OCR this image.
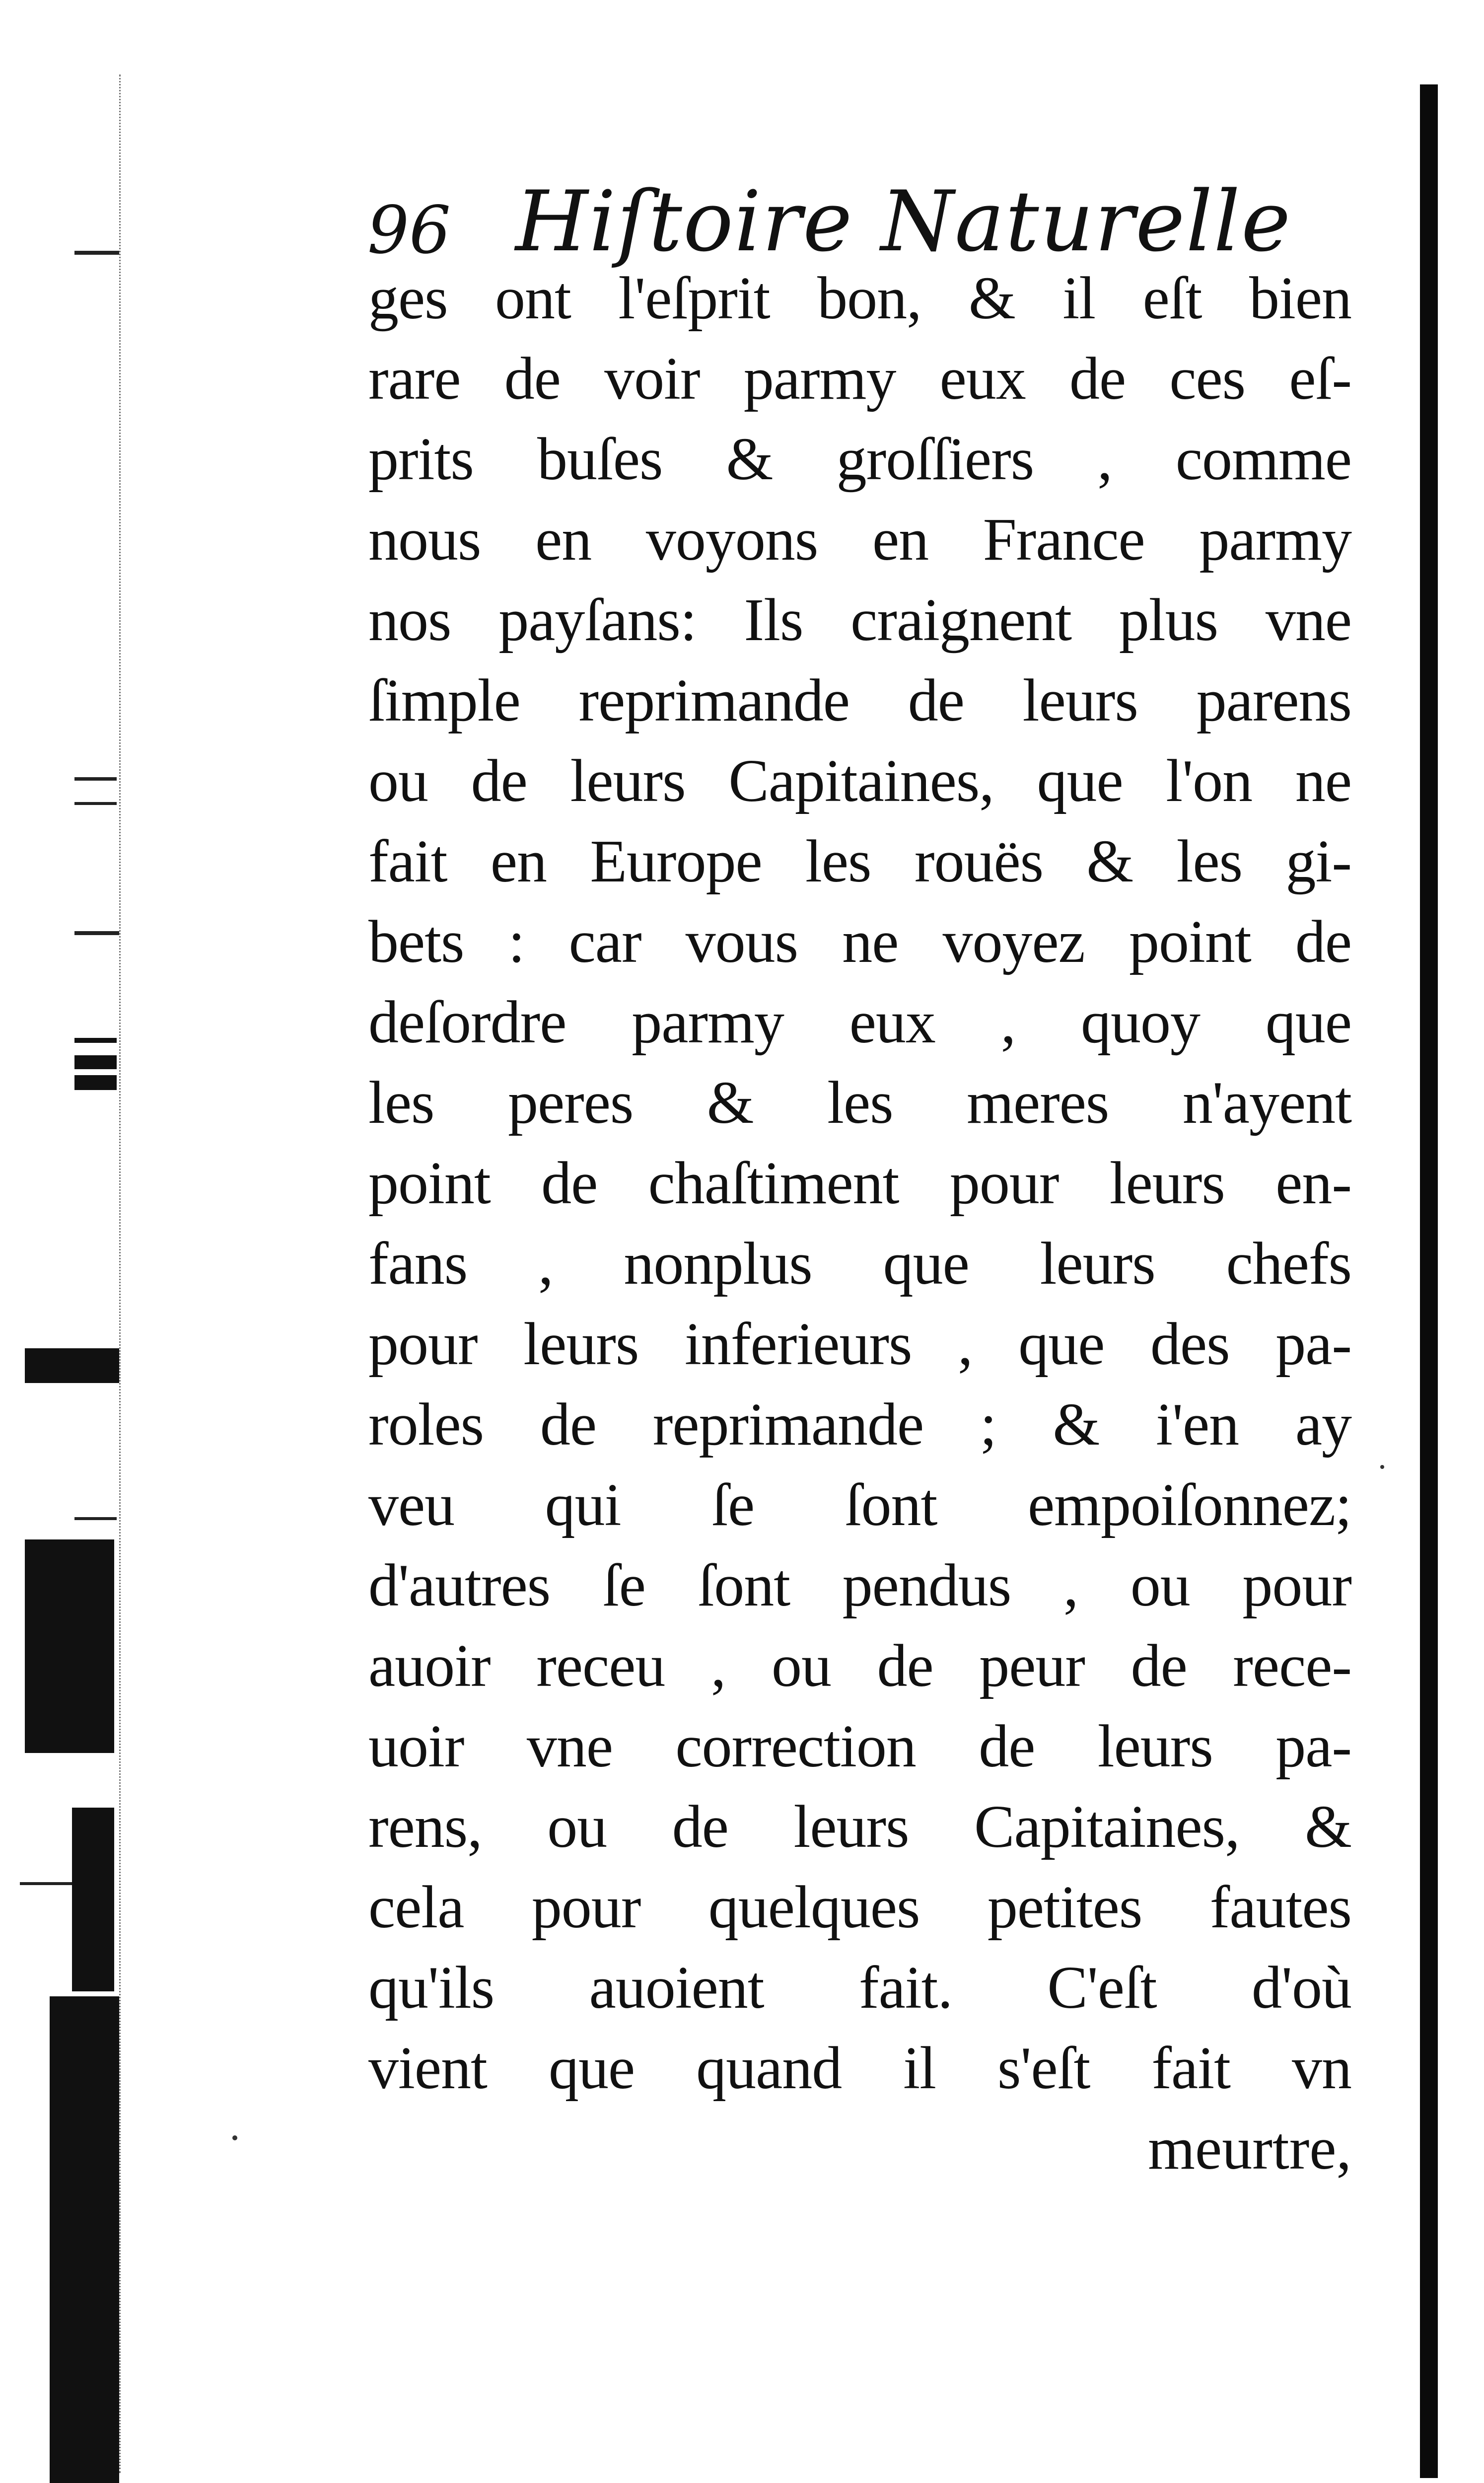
96 Hiſtoire Naturelle
ges ont l'eſprit bon, & il eſt bien
rare de voir parmy eux de ces eſ-
prits buſes & groſſiers , comme
nous en voyons en France parmy
nos payſans: Ils craignent plus vne
ſimple reprimande de leurs parens
ou de leurs Capitaines, que l'on ne
fait en Europe les rouës & les gi-
bets : car vous ne voyez point de
deſordre parmy eux , quoy que
les peres & les meres n'ayent
point de chaſtiment pour leurs en-
fans , nonplus que leurs chefs
pour leurs inferieurs , que des pa-
roles de reprimande ; & i'en ay
veu qui ſe ſont empoiſonnez;
d'autres ſe ſont pendus , ou pour
auoir receu , ou de peur de rece-
uoir vne correction de leurs pa-
rens, ou de leurs Capitaines, &
cela pour quelques petites fautes
qu'ils auoient fait. C'eſt d'où
vient que quand il s'eſt fait vn
meurtre,
